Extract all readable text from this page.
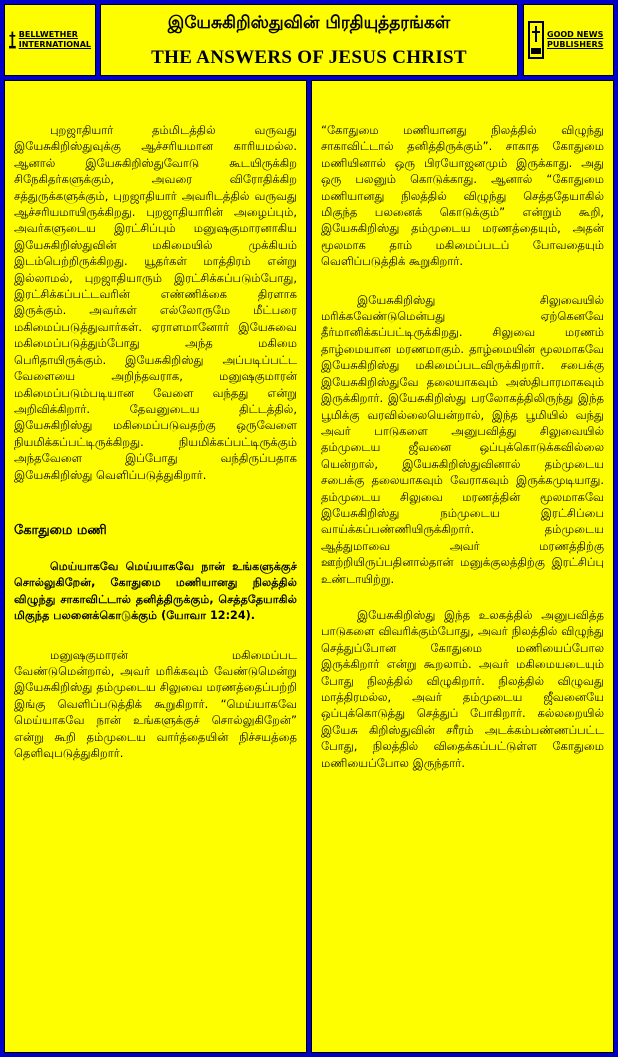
BELLWETHER
INTERNATIONAL
இயேசுகிறிஸ்துவின் பிரதியுத்தரங்கள்
THE ANSWERS OF JESUS CHRIST
GOOD NEWS
PUBLISHERS

புறஜாதியார் தம்மிடத்தில் வருவது இயேசுகிறிஸ்துவுக்கு ஆச்சரியமான காரியமல்ல. ஆனால் இயேசுகிறிஸ்துவோடு கூடயிருக்கிற சிநேகிதர்களுக்கும், அவரை விரோதிக்கிற சத்துருக்களுக்கும், புறஜாதியார் அவரிடத்தில் வருவது ஆச்சரியமாயிருக்கிறது. புறஜாதியாரின் அழைப்பும், அவர்களுடைய இரட்சிப்பும் மனுஷகுமாரனாகிய இயேசுகிறிஸ்துவின் மகிமையில் முக்கியம் இடம்பெற்றிருக்கிறது. யூதர்கள் மாத்திரம் என்று இல்லாமல், புறஜாதியாரும் இரட்சிக்கப்படும்போது, இரட்சிக்கப்பட்டவரின் எண்ணிக்கை திரளாக இருக்கும். அவர்கள் எல்லோருமே மீட்பரை மகிமைப்படுத்துவார்கள். ஏராளமானோர் இயேசுவை மகிமைப்படுத்தும்போது அந்த மகிமை பெரிதாயிருக்கும். இயேசுகிறிஸ்து அப்படிப்பட்ட வேளையை அறிந்தவராக, மனுஷகுமாரன் மகிமைப்படும்படியான வேளை வந்தது என்று அறிவிக்கிறார். தேவனுடைய திட்டத்தில், இயேசுகிறிஸ்து மகிமைப்படுவதற்கு ஒருவேளை நியமிக்கப்பட்டிருக்கிறது. நியமிக்கப்பட்டிருக்கும் அந்தவேளை இப்போது வந்திருப்பதாக இயேசுகிறிஸ்து வெளிப்படுத்துகிறார்.

கோதுமை மணி

மெய்யாகவே மெய்யாகவே நான் உங்களுக்குச் சொல்லுகிறேன், கோதுமை மணியானது நிலத்தில் விழுந்து சாகாவிட்டால் தனித்திருக்கும், செத்ததேயாகில் மிகுந்த பலனைக்கொடுக்கும் (யோவா 12:24).

மனுஷகுமாரன் மகிமைப்பட வேண்டுமென்றால், அவர் மரிக்கவும் வேண்டுமென்று இயேசுகிறிஸ்து தம்முடைய சிலுவை மரணத்தைப்பற்றி இங்கு வெளிப்படுத்திக் கூறுகிறார். “மெய்யாகவே மெய்யாகவே நான் உங்களுக்குச் சொல்லுகிறேன்” என்று கூறி தம்முடைய வார்த்தையின் நிச்சயத்தை தெளிவுபடுத்துகிறார்.

“கோதுமை மணியானது நிலத்தில் விழுந்து சாகாவிட்டால் தனித்திருக்கும்”. சாகாத கோதுமை மணியினால் ஒரு பிரயோஜனமும் இருக்காது. அது ஒரு பலனும் கொடுக்காது. ஆனால் “கோதுமை மணியானது நிலத்தில் விழுந்து செத்ததேயாகில் மிகுந்த பலனைக் கொடுக்கும்” என்றும் கூறி, இயேசுகிறிஸ்து தம்முடைய மரணத்தையும், அதன் மூலமாக தாம் மகிமைப்படப் போவதையும் வெளிப்படுத்திக் கூறுகிறார்.

இயேசுகிறிஸ்து சிலுவையில் மரிக்கவேண்டுமென்பது ஏற்கெனவே தீர்மானிக்கப்பட்டிருக்கிறது. சிலுவை மரணம் தாழ்மையான மரணமாகும். தாழ்மையின் மூலமாகவே இயேசுகிறிஸ்து மகிமைப்படவிருக்கிறார். சபைக்கு இயேசுகிறிஸ்துவே தலையாகவும் அஸ்திபாரமாகவும் இருக்கிறார். இயேசுகிறிஸ்து பரலோகத்திலிருந்து இந்த பூமிக்கு வரவில்லையென்றால், இந்த பூமியில் வந்து அவர் பாடுகளை அனுபவித்து சிலுவையில் தம்முடைய ஜீவனை ஒப்புக்கொடுக்கவில்லை யென்றால், இயேசுகிறிஸ்துவினால் தம்முடைய சபைக்கு தலையாகவும் வேராகவும் இருக்கமுடியாது. தம்முடைய சிலுவை மரணத்தின் மூலமாகவே இயேசுகிறிஸ்து நம்முடைய இரட்சிப்பை வாய்க்கப்பண்ணியிருக்கிறார். தம்முடைய ஆத்துமாவை அவர் மரணத்திற்கு ஊற்றியிருப்பதினால்தான் மனுக்குலத்திற்கு இரட்சிப்பு உண்டாயிற்று.

இயேசுகிறிஸ்து இந்த உலகத்தில் அனுபவித்த பாடுகளை விவரிக்கும்போது, அவர் நிலத்தில் விழுந்து செத்துப்போன கோதுமை மணியைப்போல இருக்கிறார் என்று கூறலாம். அவர் மகிமையடையும் போது நிலத்தில் விழுகிறார். நிலத்தில் விழுவது மாத்திரமல்ல, அவர் தம்முடைய ஜீவனையே ஒப்புக்கொடுத்து செத்துப் போகிறார். கல்லறையில் இயேசு கிறிஸ்துவின் சரீரம் அடக்கம்பண்ணப்பட்ட போது, நிலத்தில் விதைக்கப்பட்டுள்ள கோதுமை மணியைப்போல இருந்தார்.
